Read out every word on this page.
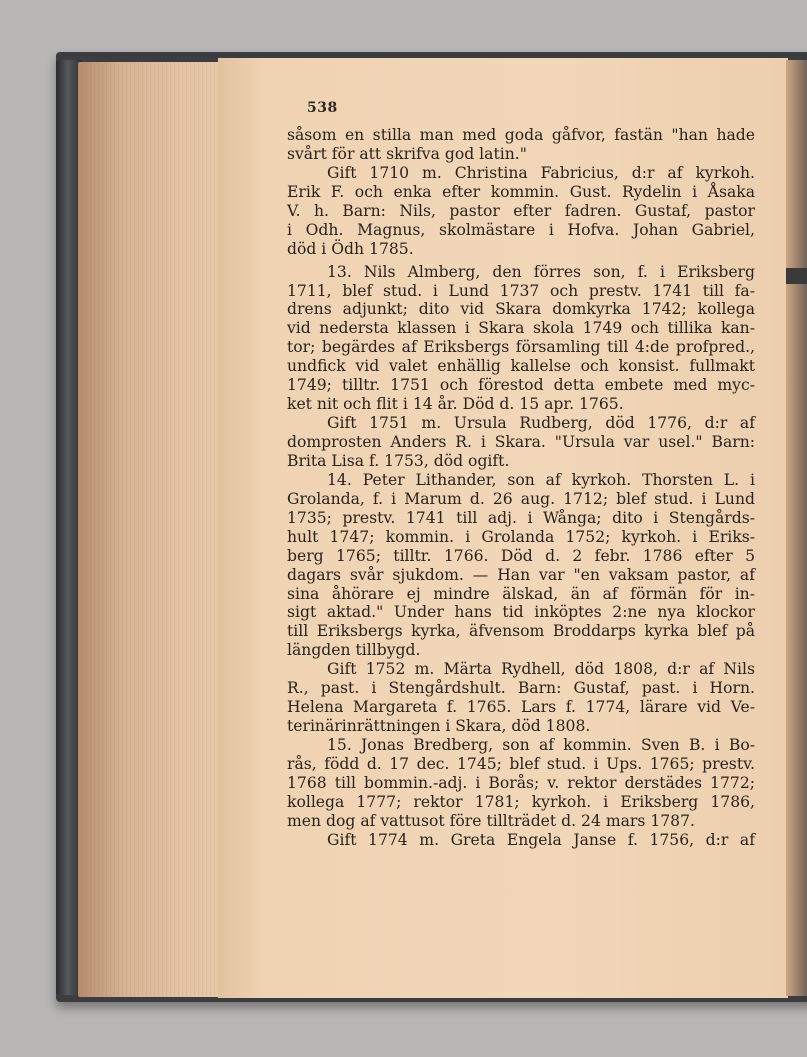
538
såsom en stilla man med goda gåfvor, fastän "han hade
svårt för att skrifva god latin."
Gift 1710 m. Christina Fabricius, d:r af kyrkoh.
Erik F. och enka efter kommin. Gust. Rydelin i Åsaka
V. h. Barn: Nils, pastor efter fadren. Gustaf, pastor
i Odh. Magnus, skolmästare i Hofva. Johan Gabriel,
död i Ödh 1785.
13. Nils Almberg, den förres son, f. i Eriksberg
1711, blef stud. i Lund 1737 och prestv. 1741 till fa-
drens adjunkt; dito vid Skara domkyrka 1742; kollega
vid nedersta klassen i Skara skola 1749 och tillika kan-
tor; begärdes af Eriksbergs församling till 4:de profpred.,
undfick vid valet enhällig kallelse och konsist. fullmakt
1749; tilltr. 1751 och förestod detta embete med myc-
ket nit och flit i 14 år. Död d. 15 apr. 1765.
Gift 1751 m. Ursula Rudberg, död 1776, d:r af
domprosten Anders R. i Skara. "Ursula var usel." Barn:
Brita Lisa f. 1753, död ogift.
14. Peter Lithander, son af kyrkoh. Thorsten L. i
Grolanda, f. i Marum d. 26 aug. 1712; blef stud. i Lund
1735; prestv. 1741 till adj. i Wånga; dito i Stengårds-
hult 1747; kommin. i Grolanda 1752; kyrkoh. i Eriks-
berg 1765; tilltr. 1766. Död d. 2 febr. 1786 efter 5
dagars svår sjukdom. — Han var "en vaksam pastor, af
sina åhörare ej mindre älskad, än af förmän för in-
sigt aktad." Under hans tid inköptes 2:ne nya klockor
till Eriksbergs kyrka, äfvensom Broddarps kyrka blef på
längden tillbygd.
Gift 1752 m. Märta Rydhell, död 1808, d:r af Nils
R., past. i Stengårdshult. Barn: Gustaf, past. i Horn.
Helena Margareta f. 1765. Lars f. 1774, lärare vid Ve-
terinärinrättningen i Skara, död 1808.
15. Jonas Bredberg, son af kommin. Sven B. i Bo-
rås, född d. 17 dec. 1745; blef stud. i Ups. 1765; prestv.
1768 till bommin.-adj. i Borås; v. rektor derstädes 1772;
kollega 1777; rektor 1781; kyrkoh. i Eriksberg 1786,
men dog af vattusot före tillträdet d. 24 mars 1787.
Gift 1774 m. Greta Engela Janse f. 1756, d:r af
